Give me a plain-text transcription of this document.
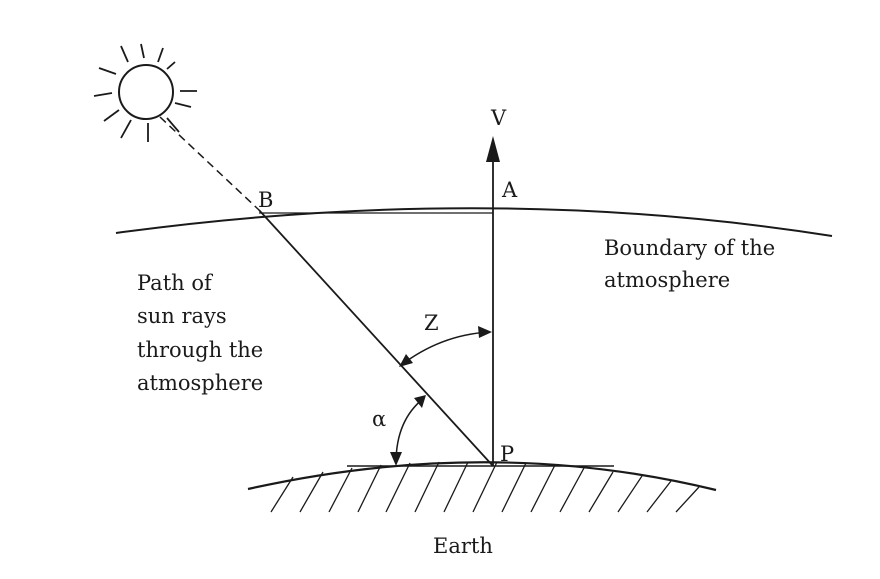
V
A
B
P
Z
α
Boundary of the
atmosphere
Path of
sun rays
through the
atmosphere
Earth
